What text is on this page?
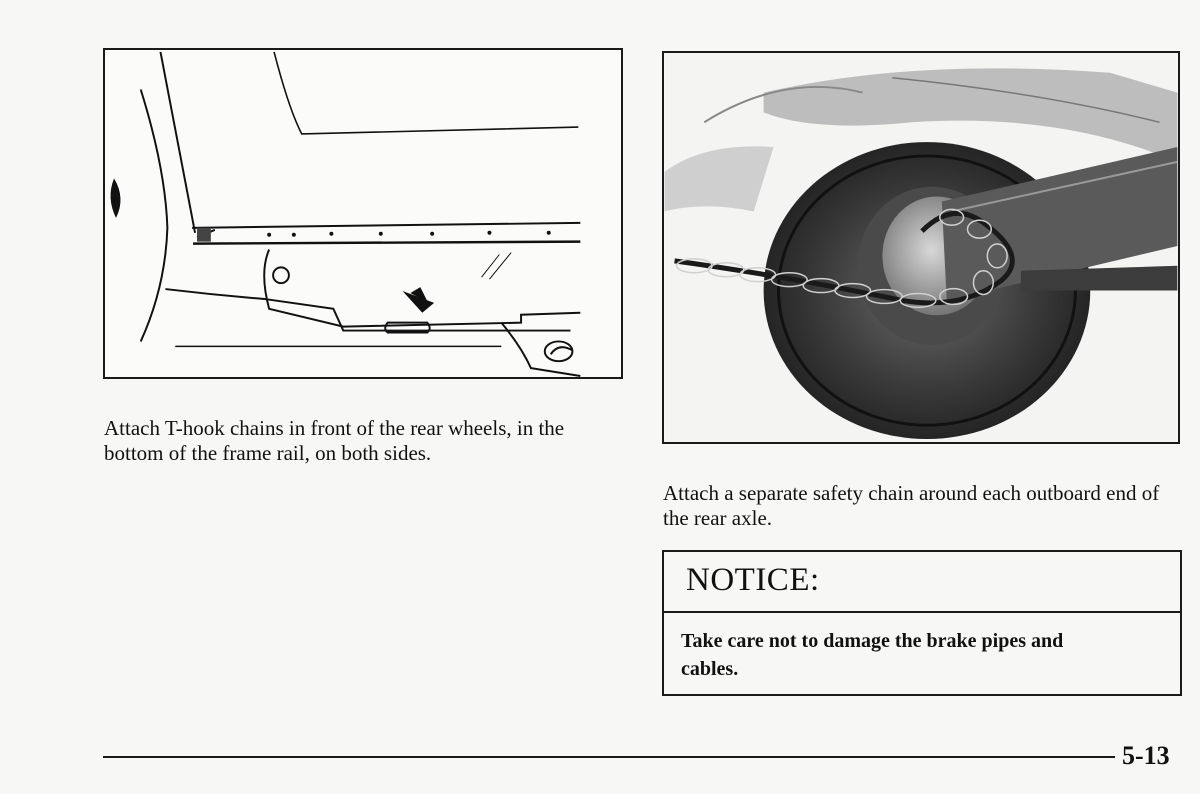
Attach T-hook chains in front of the rear wheels, in the bottom of the frame rail, on both sides.

Attach a separate safety chain around each outboard end of the rear axle.

NOTICE:

Take care not to damage the brake pipes and cables.

5-13
